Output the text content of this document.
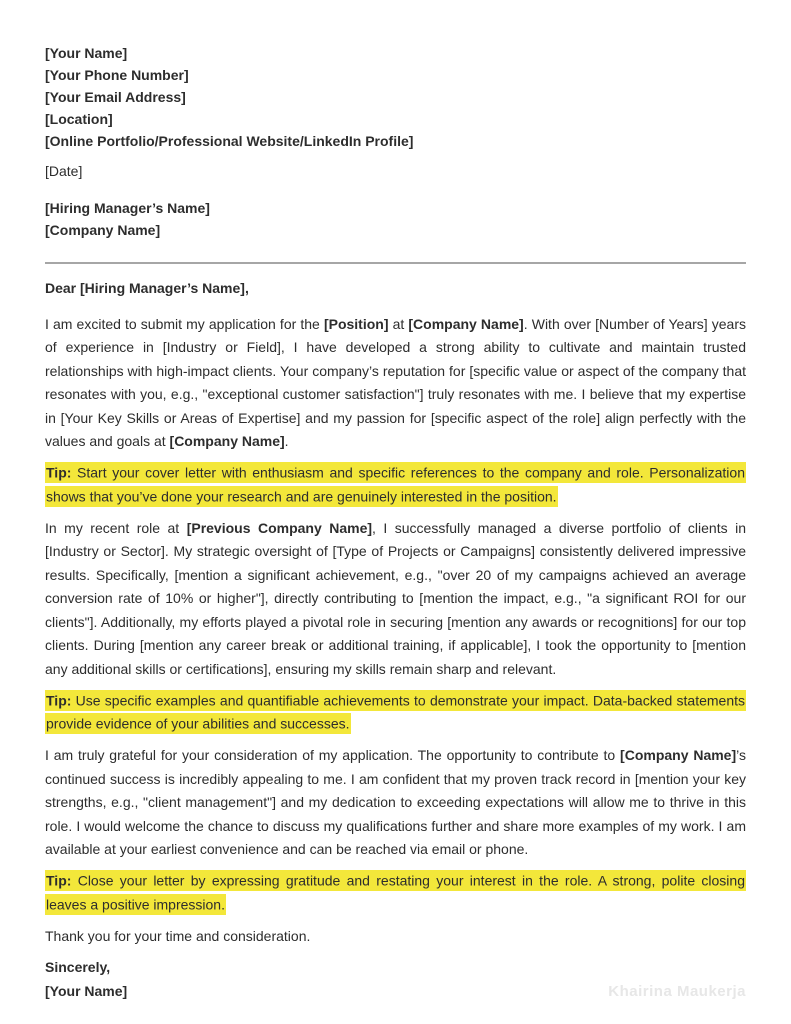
[Your Name]

[Your Phone Number]

[Your Email Address]

[Location]

[Online Portfolio/Professional Website/LinkedIn Profile]

[Date]

[Hiring Manager’s Name]

[Company Name]

Dear [Hiring Manager’s Name],

I am excited to submit my application for the [Position] at [Company Name]. With over [Number of Years] years of experience in [Industry or Field], I have developed a strong ability to cultivate and maintain trusted relationships with high-impact clients. Your company’s reputation for [specific value or aspect of the company that resonates with you, e.g., "exceptional customer satisfaction"] truly resonates with me. I believe that my expertise in [Your Key Skills or Areas of Expertise] and my passion for [specific aspect of the role] align perfectly with the values and goals at [Company Name].

Tip: Start your cover letter with enthusiasm and specific references to the company and role. Personalization shows that you’ve done your research and are genuinely interested in the position.

In my recent role at [Previous Company Name], I successfully managed a diverse portfolio of clients in [Industry or Sector]. My strategic oversight of [Type of Projects or Campaigns] consistently delivered impressive results. Specifically, [mention a significant achievement, e.g., "over 20 of my campaigns achieved an average conversion rate of 10% or higher"], directly contributing to [mention the impact, e.g., "a significant ROI for our clients"]. Additionally, my efforts played a pivotal role in securing [mention any awards or recognitions] for our top clients. During [mention any career break or additional training, if applicable], I took the opportunity to [mention any additional skills or certifications], ensuring my skills remain sharp and relevant.

Tip: Use specific examples and quantifiable achievements to demonstrate your impact. Data-backed statements provide evidence of your abilities and successes.

I am truly grateful for your consideration of my application. The opportunity to contribute to [Company Name]’s continued success is incredibly appealing to me. I am confident that my proven track record in [mention your key strengths, e.g., "client management"] and my dedication to exceeding expectations will allow me to thrive in this role. I would welcome the chance to discuss my qualifications further and share more examples of my work. I am available at your earliest convenience and can be reached via email or phone.

Tip: Close your letter by expressing gratitude and restating your interest in the role. A strong, polite closing leaves a positive impression.

Thank you for your time and consideration.

Sincerely,

[Your Name]	Khairina Maukerja
